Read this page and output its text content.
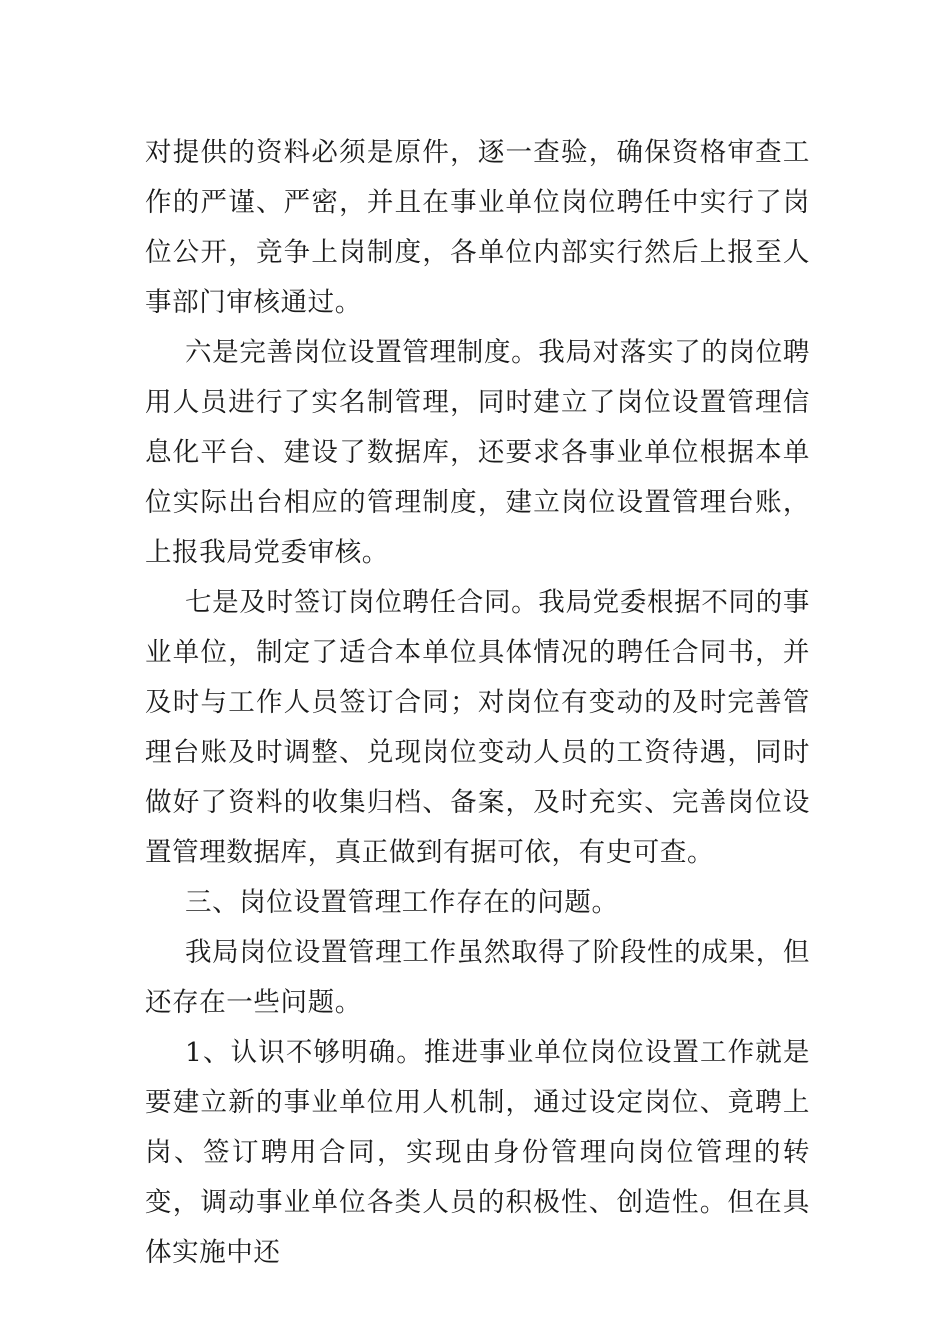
对提供的资料必须是原件，逐一查验，确保资格审查工作的严谨、严密，并且在事业单位岗位聘任中实行了岗位公开，竞争上岗制度，各单位内部实行然后上报至人事部门审核通过。

六是完善岗位设置管理制度。我局对落实了的岗位聘用人员进行了实名制管理，同时建立了岗位设置管理信息化平台、建设了数据库，还要求各事业单位根据本单位实际出台相应的管理制度，建立岗位设置管理台账，上报我局党委审核。

七是及时签订岗位聘任合同。我局党委根据不同的事业单位，制定了适合本单位具体情况的聘任合同书，并及时与工作人员签订合同；对岗位有变动的及时完善管理台账及时调整、兑现岗位变动人员的工资待遇，同时做好了资料的收集归档、备案，及时充实、完善岗位设置管理数据库，真正做到有据可依，有史可查。

三、岗位设置管理工作存在的问题。

我局岗位设置管理工作虽然取得了阶段性的成果，但还存在一些问题。

1、认识不够明确。推进事业单位岗位设置工作就是要建立新的事业单位用人机制，通过设定岗位、竟聘上岗、签订聘用合同，实现由身份管理向岗位管理的转变，调动事业单位各类人员的积极性、创造性。但在具体实施中还
